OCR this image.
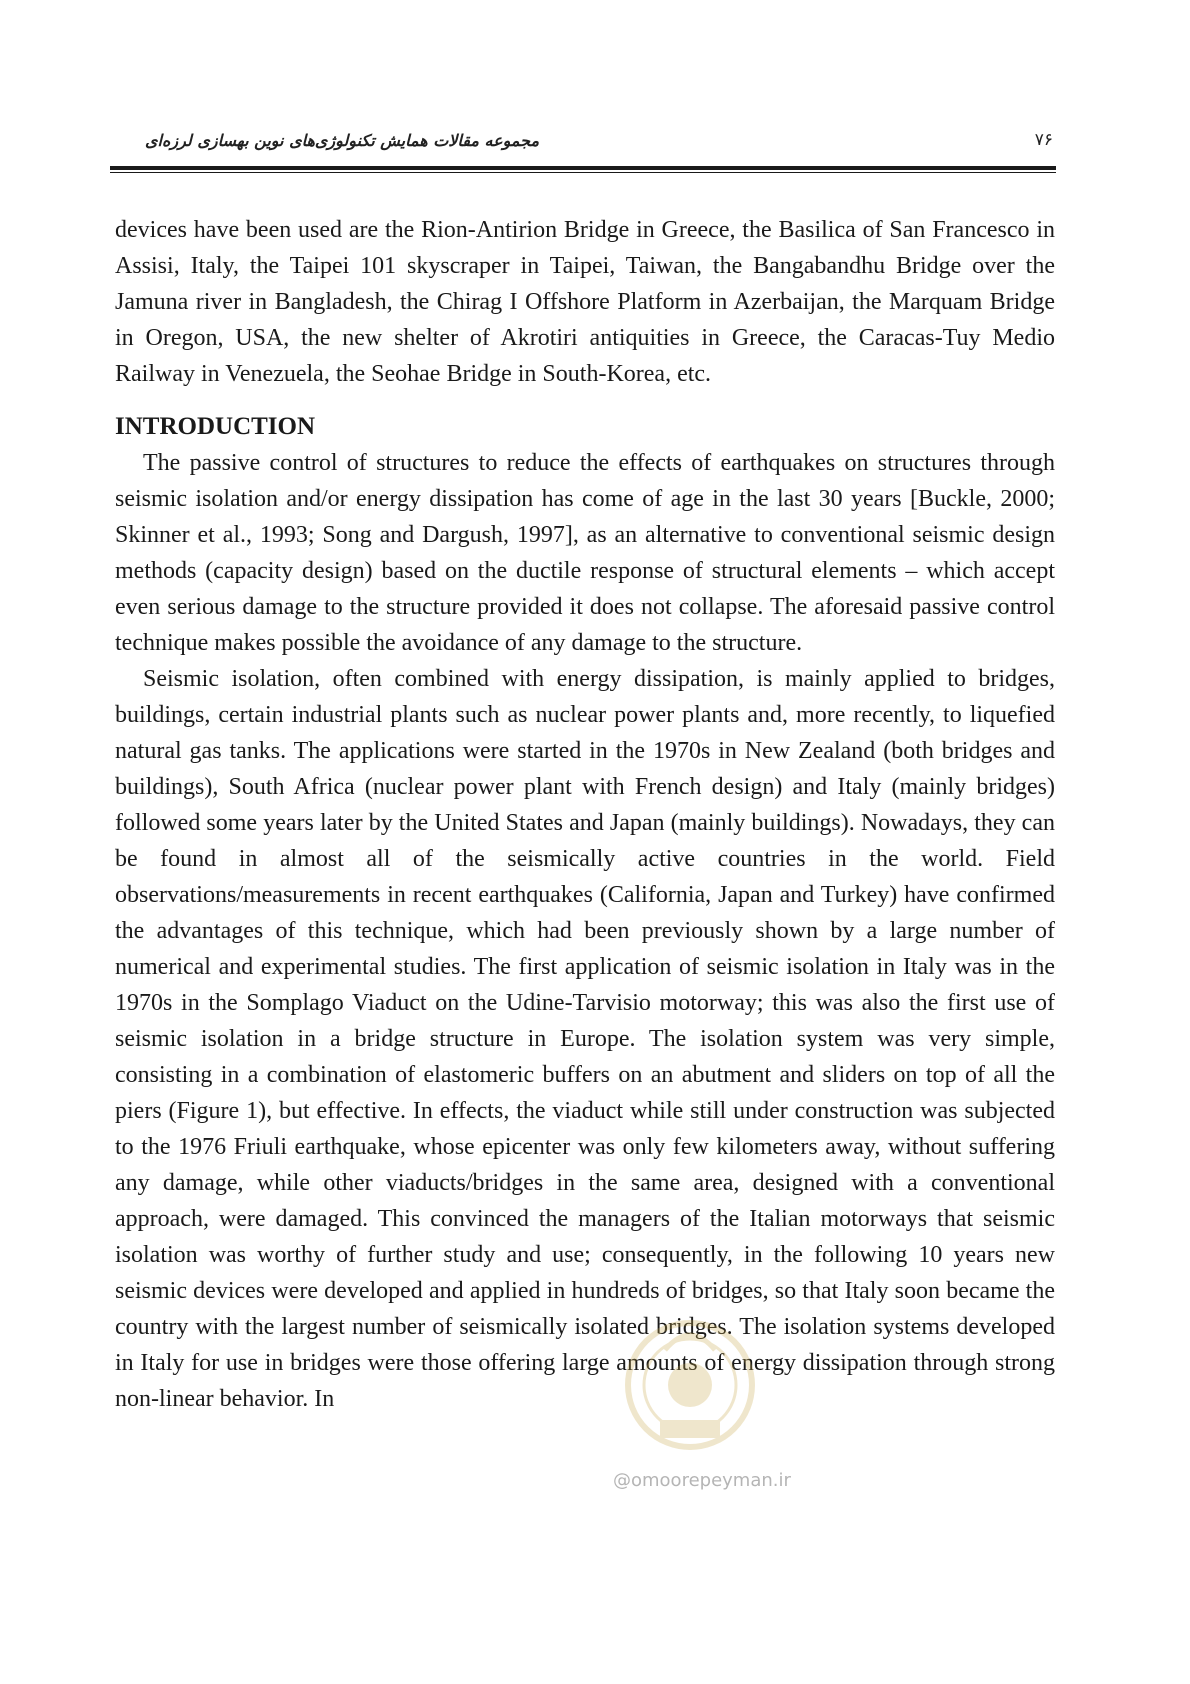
مجموعه مقالات همایش تکنولوژی‌های نوین بهسازی لرزه‌ای	۷۶

devices have been used are the Rion-Antirion Bridge in Greece, the Basilica of San Francesco in Assisi, Italy, the Taipei 101 skyscraper in Taipei, Taiwan, the Bangabandhu Bridge over the Jamuna river in Bangladesh, the Chirag I Offshore Platform in Azerbaijan, the Marquam Bridge in Oregon, USA, the new shelter of Akrotiri antiquities in Greece, the Caracas-Tuy Medio Railway in Venezuela, the Seohae Bridge in South-Korea, etc.

INTRODUCTION

The passive control of structures to reduce the effects of earthquakes on structures through seismic isolation and/or energy dissipation has come of age in the last 30 years [Buckle, 2000; Skinner et al., 1993; Song and Dargush, 1997], as an alternative to conventional seismic design methods (capacity design) based on the ductile response of structural elements – which accept even serious damage to the structure provided it does not collapse. The aforesaid passive control technique makes possible the avoidance of any damage to the structure.

Seismic isolation, often combined with energy dissipation, is mainly applied to bridges, buildings, certain industrial plants such as nuclear power plants and, more recently, to liquefied natural gas tanks. The applications were started in the 1970s in New Zealand (both bridges and buildings), South Africa (nuclear power plant with French design) and Italy (mainly bridges) followed some years later by the United States and Japan (mainly buildings). Nowadays, they can be found in almost all of the seismically active countries in the world. Field observations/measurements in recent earthquakes (California, Japan and Turkey) have confirmed the advantages of this technique, which had been previously shown by a large number of numerical and experimental studies. The first application of seismic isolation in Italy was in the 1970s in the Somplago Viaduct on the Udine-Tarvisio motorway; this was also the first use of seismic isolation in a bridge structure in Europe. The isolation system was very simple, consisting in a combination of elastomeric buffers on an abutment and sliders on top of all the piers (Figure 1), but effective. In effects, the viaduct while still under construction was subjected to the 1976 Friuli earthquake, whose epicenter was only few kilometers away, without suffering any damage, while other viaducts/bridges in the same area, designed with a conventional approach, were damaged. This convinced the managers of the Italian motorways that seismic isolation was worthy of further study and use; consequently, in the following 10 years new seismic devices were developed and applied in hundreds of bridges, so that Italy soon became the country with the largest number of seismically isolated bridges. The isolation systems developed in Italy for use in bridges were those offering large amounts of energy dissipation through strong non-linear behavior. In

@omoorepeyman.ir
